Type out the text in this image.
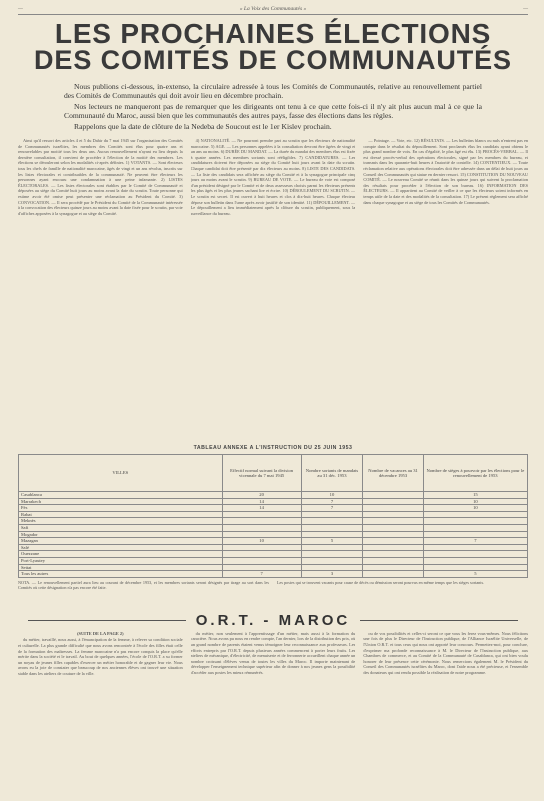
—	« La Voix des Communautés »	—
LES PROCHAINES ÉLECTIONS
DES COMITÉS DE COMMUNAUTÉS

Nous publions ci-dessous, in-extenso, la circulaire adressée à tous les Comités de Communautés, relative au renouvellement partiel des Comités de Communautés qui doit avoir lieu en décembre prochain.

Nos lecteurs ne manqueront pas de remarquer que les dirigeants ont tenu à ce que cette fois-ci il n'y ait plus aucun mal à ce que la Communauté du Maroc, aussi bien que les communautés des autres pays, fasse des élections dans les règles.

Rappelons que la date de clôture de la Nedeba de Soucout est le 1er Kislev prochain.

Ainsi qu'il ressort des articles 4 et 5 du Dahir du 7 mai 1945 sur l'organisation des Comités de Communautés israélites, les membres des Comités sont élus pour quatre ans et renouvelables par moitié tous les deux ans. Aucun renouvellement n'ayant eu lieu depuis la dernière consultation, il convient de procéder à l'élection de la moitié des membres. Les élections se dérouleront selon les modalités ci-après définies. 1) VOTANTS. — Sont électeurs tous les chefs de famille de nationalité marocaine, âgés de vingt et un ans révolus, inscrits sur les listes électorales et contribuables de la communauté. Ne peuvent être électeurs les personnes ayant encouru une condamnation à une peine infamante. 2) LISTES ÉLECTORALES. — Les listes électorales sont établies par le Comité de Communauté et déposées au siège du Comité huit jours au moins avant la date du scrutin. Toute personne qui estime avoir été omise peut présenter une réclamation au Président du Comité. 3) CONVOCATION. — Il sera procédé par le Président du Comité de la Communauté intéressée à la convocation des électeurs quinze jours au moins avant la date fixée pour le scrutin, par voie d'affiches apposées à la synagogue et au siège du Comité.

4) NATIONALITÉ. — Ne pourront prendre part au scrutin que les électeurs de nationalité marocaine. 5) AGE. — Les personnes appelées à la consultation devront être âgées de vingt et un ans au moins. 6) DURÉE DU MANDAT. — La durée du mandat des membres élus est fixée à quatre années. Les membres sortants sont rééligibles. 7) CANDIDATURES. — Les candidatures doivent être déposées au siège du Comité huit jours avant la date du scrutin. Chaque candidat doit être présenté par dix électeurs au moins. 8) LISTE DES CANDIDATS. — La liste des candidats sera affichée au siège du Comité et à la synagogue principale cinq jours au moins avant le scrutin. 9) BUREAU DE VOTE. — Le bureau de vote est composé d'un président désigné par le Comité et de deux assesseurs choisis parmi les électeurs présents les plus âgés et les plus jeunes sachant lire et écrire. 10) DÉROULEMENT DU SCRUTIN. — Le scrutin est secret. Il est ouvert à huit heures et clos à dix-huit heures. Chaque électeur dépose son bulletin dans l'urne après avoir justifié de son identité. 11) DÉPOUILLEMENT. — Le dépouillement a lieu immédiatement après la clôture du scrutin, publiquement, sous la surveillance du bureau.

— Pointage. — Vote, etc. 12) RÉSULTATS. — Les bulletins blancs ou nuls n'entrent pas en compte dans le résultat du dépouillement. Sont proclamés élus les candidats ayant obtenu le plus grand nombre de voix. En cas d'égalité, le plus âgé est élu. 13) PROCÈS-VERBAL. — Il est dressé procès-verbal des opérations électorales, signé par les membres du bureau, et transmis dans les quarante-huit heures à l'autorité de contrôle. 14) CONTENTIEUX. — Toute réclamation relative aux opérations électorales doit être adressée dans un délai de huit jours au Conseil des Communautés qui statue en dernier ressort. 15) CONSTITUTION DU NOUVEAU COMITÉ. — Le nouveau Comité se réunit dans les quinze jours qui suivent la proclamation des résultats pour procéder à l'élection de son bureau. 16) INFORMATION DES ÉLECTEURS. — Il appartient au Comité de veiller à ce que les électeurs soient informés en temps utile de la date et des modalités de la consultation. 17) Le présent règlement sera affiché dans chaque synagogue et au siège de tous les Comités de Communautés.

TABLEAU ANNEXE A L'INSTRUCTION DU 25 JUIN 1953
VILLES	Effectif normal suivant la division vicennale du 7 mai 1945	Nombre sortants de mandats au 31 déc. 1953	Nombre de vacances au 31 décembre 1953	Nombre de sièges à pourvoir par les élections pour le renouvellement de 1953
Casablanca	20	10		15
Marrakech	14	7		10
Fès	14	7		10
Rabat				
Meknès				
Safi				
Mogador				
Mazagan	10	5		7
Salé				
Ouezzane				
Port-Lyautey				
Settat				
Tous les autres	7	3		5
NOTA. — Le renouvellement partiel aura lieu au courant de décembre 1953, et les membres sortants seront désignés par tirage au sort dans les Comités où cette désignation n'a pas encore été faite.
Les postes qui se trouvent vacants pour cause de décès ou démission seront pourvus en même temps que les sièges sortants.
O.R.T. - MAROC
(SUITE DE LA PAGE 2)

du métier, travaillé, nous aussi, à l'émancipation de la femme, à relever sa condition sociale et culturelle. La plus grande difficulté que nous avons rencontrée à l'école des filles était celle de la formation des maîtresses. La femme marocaine n'a pas encore conquis la place qu'elle mérite dans la société et le travail. Au bout de quelques années, l'école de l'O.R.T. a su former un noyau de jeunes filles capables d'exercer un métier honorable et de gagner leur vie. Nous avons eu la joie de constater que beaucoup de nos anciennes élèves ont trouvé une situation stable dans les ateliers de couture de la ville.

du métier, non seulement à l'apprentissage d'un métier, mais aussi à la formation du caractère. Nous avons pu nous en rendre compte, l'an dernier, lors de la distribution des prix, où un grand nombre de parents étaient venus témoigner leur reconnaissance aux professeurs. Les efforts entrepris par l'O.R.T. depuis plusieurs années commencent à porter leurs fruits. Les ateliers de mécanique, d'électricité, de menuiserie et de ferronnerie accueillent chaque année un nombre croissant d'élèves venus de toutes les villes du Maroc. Il importe maintenant de développer l'enseignement technique supérieur afin de donner à nos jeunes gens la possibilité d'accéder aux postes les mieux rémunérés.

ou de vos possibilités et celles-ci seront ce que vous les ferez vous-mêmes. Nous félicitons une fois de plus le Directeur de l'Instruction publique, de l'Alliance Israélite Universelle, de l'Union O.R.T. et tous ceux qui nous ont apporté leur concours. Permettez-moi, pour conclure, d'exprimer ma profonde reconnaissance à M. le Directeur de l'Instruction publique, aux Chambres de commerce, et au Comité de la Communauté de Casablanca, qui ont bien voulu honorer de leur présence cette cérémonie. Nous remercions également M. le Président du Conseil des Communautés israélites du Maroc, dont l'aide nous a été précieuse, et l'ensemble des donateurs qui ont rendu possible la réalisation de notre programme.
